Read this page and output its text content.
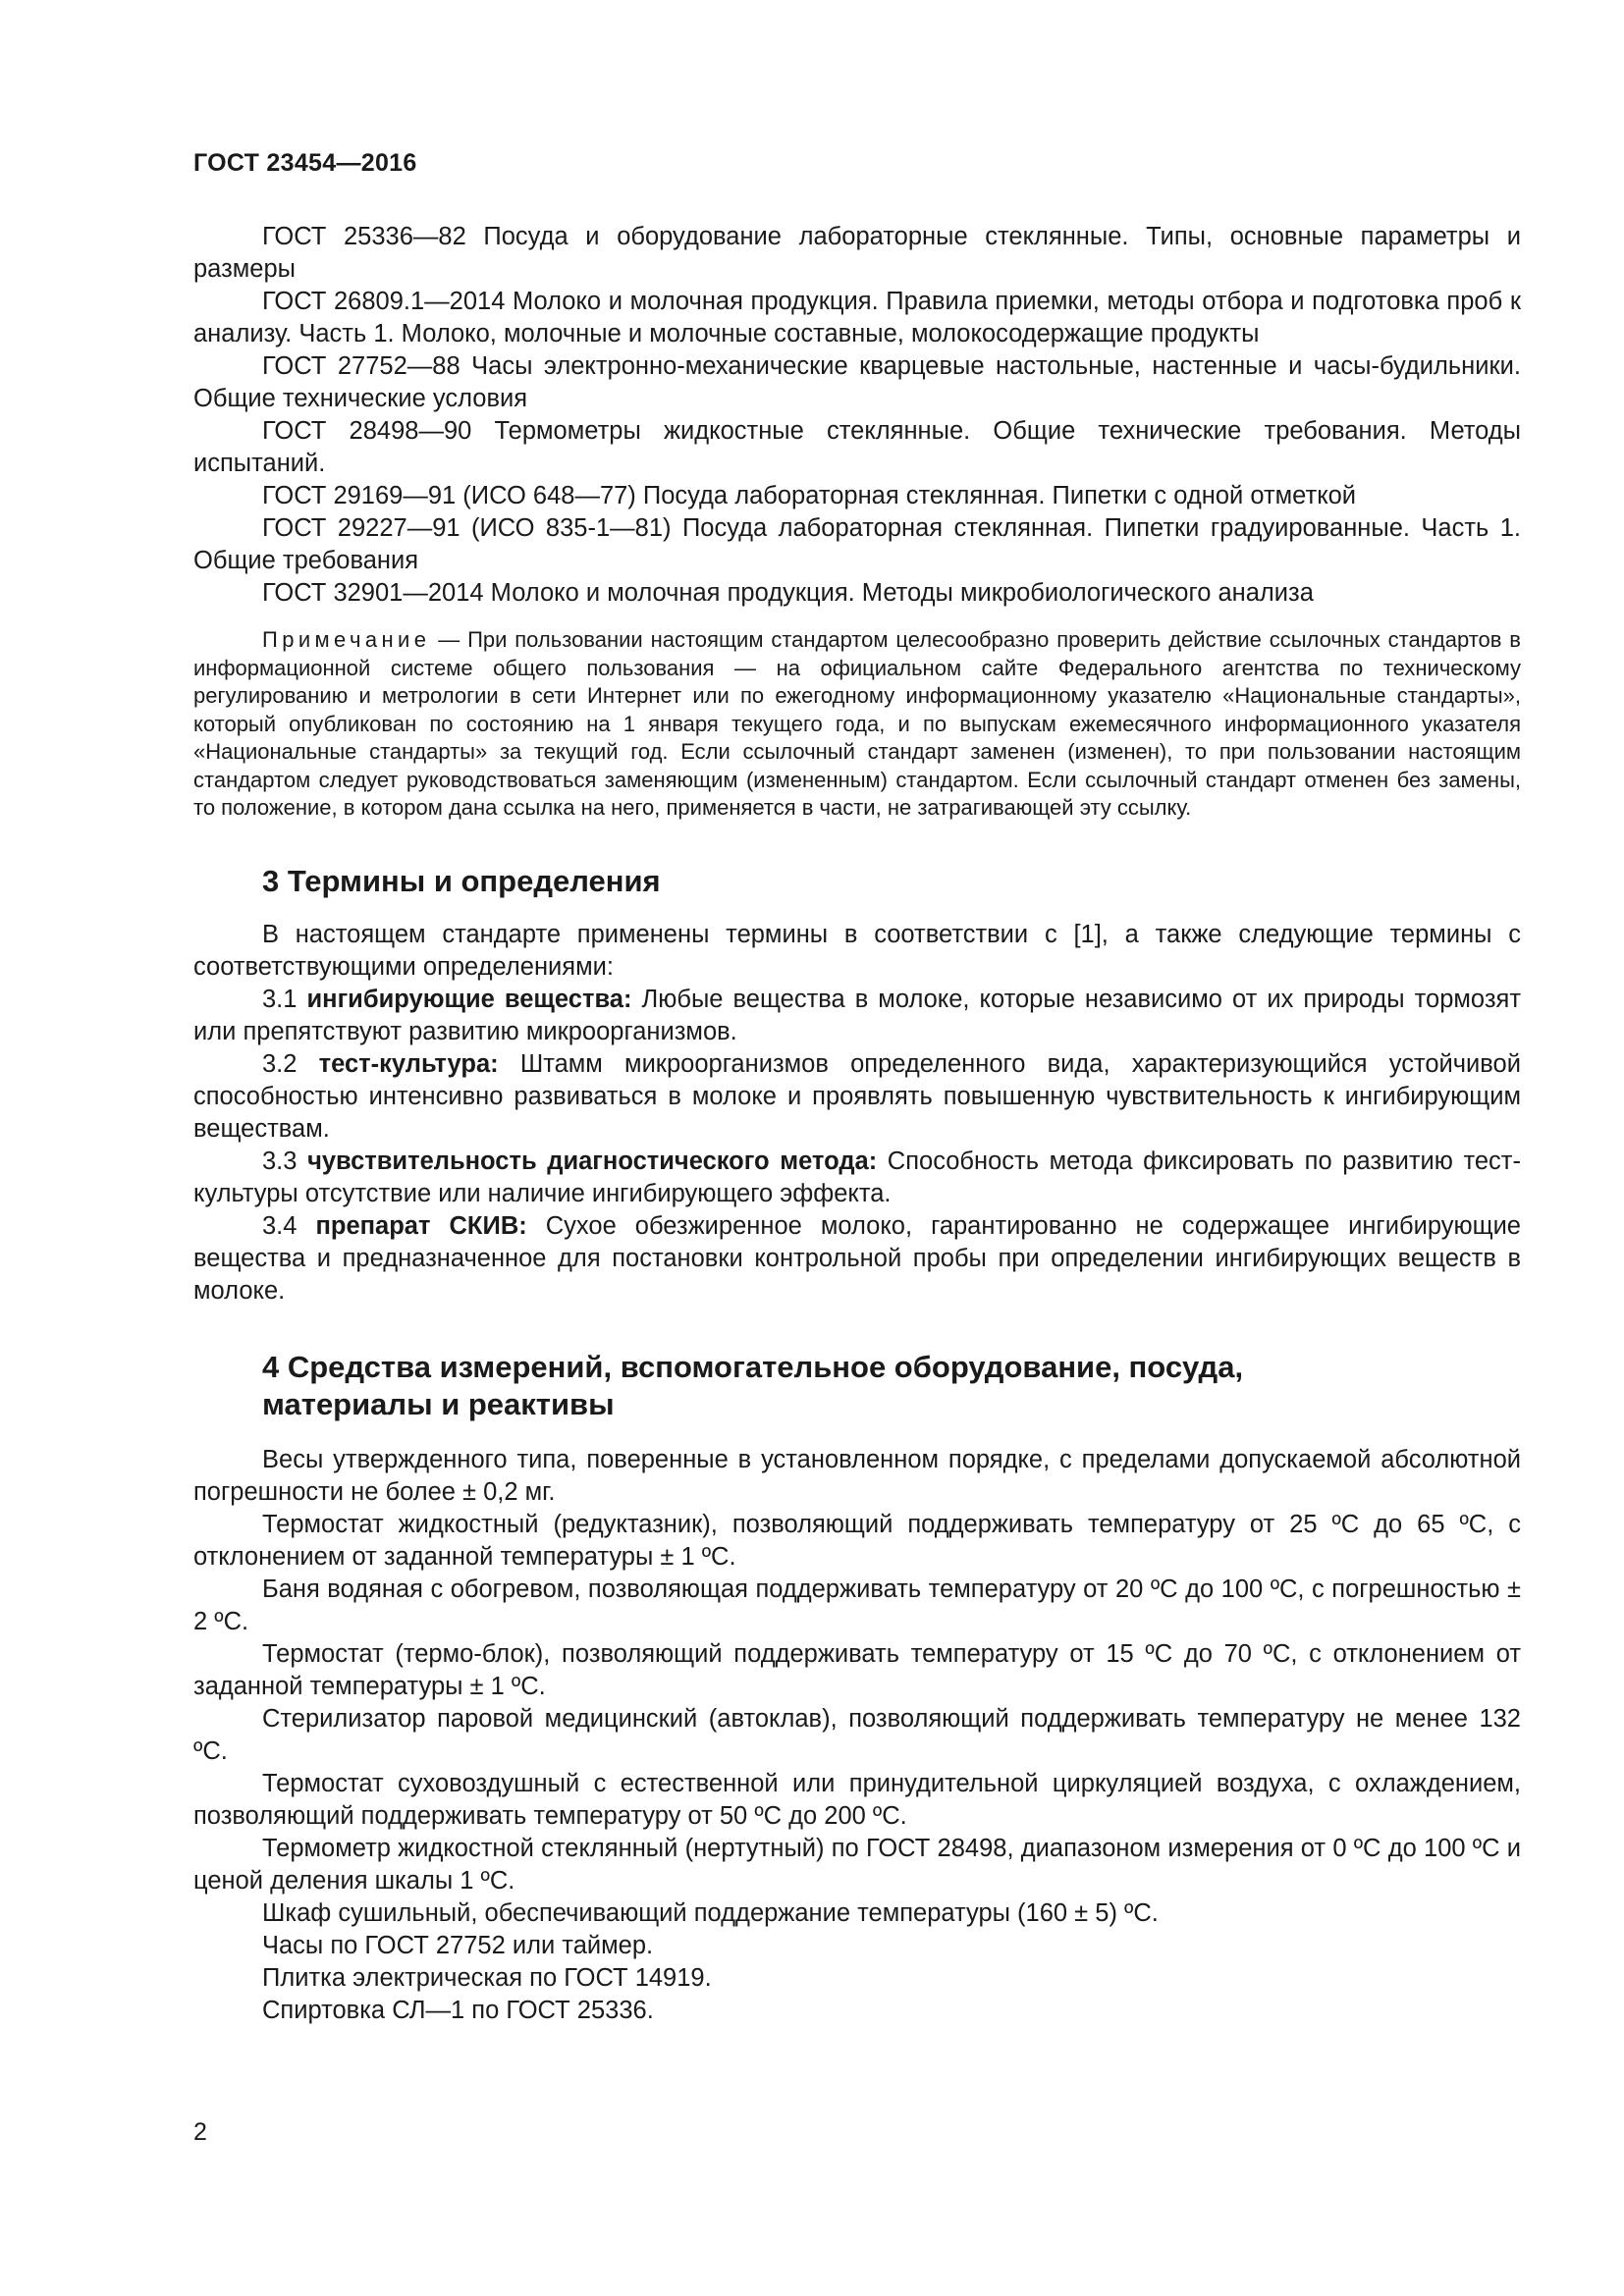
ГОСТ 23454—2016

ГОСТ 25336—82 Посуда и оборудование лабораторные стеклянные. Типы, основные параметры и размеры

ГОСТ 26809.1—2014 Молоко и молочная продукция. Правила приемки, методы отбора и подготовка проб к анализу. Часть 1. Молоко, молочные и молочные составные, молокосодержащие продукты

ГОСТ 27752—88 Часы электронно-механические кварцевые настольные, настенные и часы-будильники. Общие технические условия

ГОСТ 28498—90 Термометры жидкостные стеклянные. Общие технические требования. Методы испытаний.

ГОСТ 29169—91 (ИСО 648—77) Посуда лабораторная стеклянная. Пипетки с одной отметкой

ГОСТ 29227—91 (ИСО 835-1—81) Посуда лабораторная стеклянная. Пипетки градуированные. Часть 1. Общие требования

ГОСТ 32901—2014 Молоко и молочная продукция. Методы микробиологического анализа

Примечание — При пользовании настоящим стандартом целесообразно проверить действие ссылочных стандартов в информационной системе общего пользования — на официальном сайте Федерального агентства по техническому регулированию и метрологии в сети Интернет или по ежегодному информационному указателю «Национальные стандарты», который опубликован по состоянию на 1 января текущего года, и по выпускам ежемесячного информационного указателя «Национальные стандарты» за текущий год. Если ссылочный стандарт заменен (изменен), то при пользовании настоящим стандартом следует руководствоваться заменяющим (измененным) стандартом. Если ссылочный стандарт отменен без замены, то положение, в котором дана ссылка на него, применяется в части, не затрагивающей эту ссылку.

3 Термины и определения

В настоящем стандарте применены термины в соответствии с [1], а также следующие термины с соответствующими определениями:

3.1 ингибирующие вещества: Любые вещества в молоке, которые независимо от их природы тормозят или препятствуют развитию микроорганизмов.

3.2 тест-культура: Штамм микроорганизмов определенного вида, характеризующийся устойчивой способностью интенсивно развиваться в молоке и проявлять повышенную чувствительность к ингибирующим веществам.

3.3 чувствительность диагностического метода: Способность метода фиксировать по развитию тест-культуры отсутствие или наличие ингибирующего эффекта.

3.4 препарат СКИВ: Сухое обезжиренное молоко, гарантированно не содержащее ингибирующие вещества и предназначенное для постановки контрольной пробы при определении ингибирующих веществ в молоке.

4 Средства измерений, вспомогательное оборудование, посуда,
материалы и реактивы

Весы утвержденного типа, поверенные в установленном порядке, с пределами допускаемой абсолютной погрешности не более ± 0,2 мг.

Термостат жидкостный (редуктазник), позволяющий поддерживать температуру от 25 ºС до 65 ºС, с отклонением от заданной температуры ± 1 ºС.

Баня водяная с обогревом, позволяющая поддерживать температуру от 20 ºС до 100 ºС, с погрешностью ± 2 ºС.

Термостат (термо-блок), позволяющий поддерживать температуру от 15 ºС до 70 ºС, с отклонением от заданной температуры ± 1 ºС.

Стерилизатор паровой медицинский (автоклав), позволяющий поддерживать температуру не менее 132 ºС.

Термостат суховоздушный с естественной или принудительной циркуляцией воздуха, с охлаждением, позволяющий поддерживать температуру от 50 ºС до 200 ºС.

Термометр жидкостной стеклянный (нертутный) по ГОСТ 28498, диапазоном измерения от 0 ºС до 100 ºС и ценой деления шкалы 1 ºС.

Шкаф сушильный, обеспечивающий поддержание температуры (160 ± 5) ºС.

Часы по ГОСТ 27752 или таймер.

Плитка электрическая по ГОСТ 14919.

Спиртовка СЛ—1 по ГОСТ 25336.

2
